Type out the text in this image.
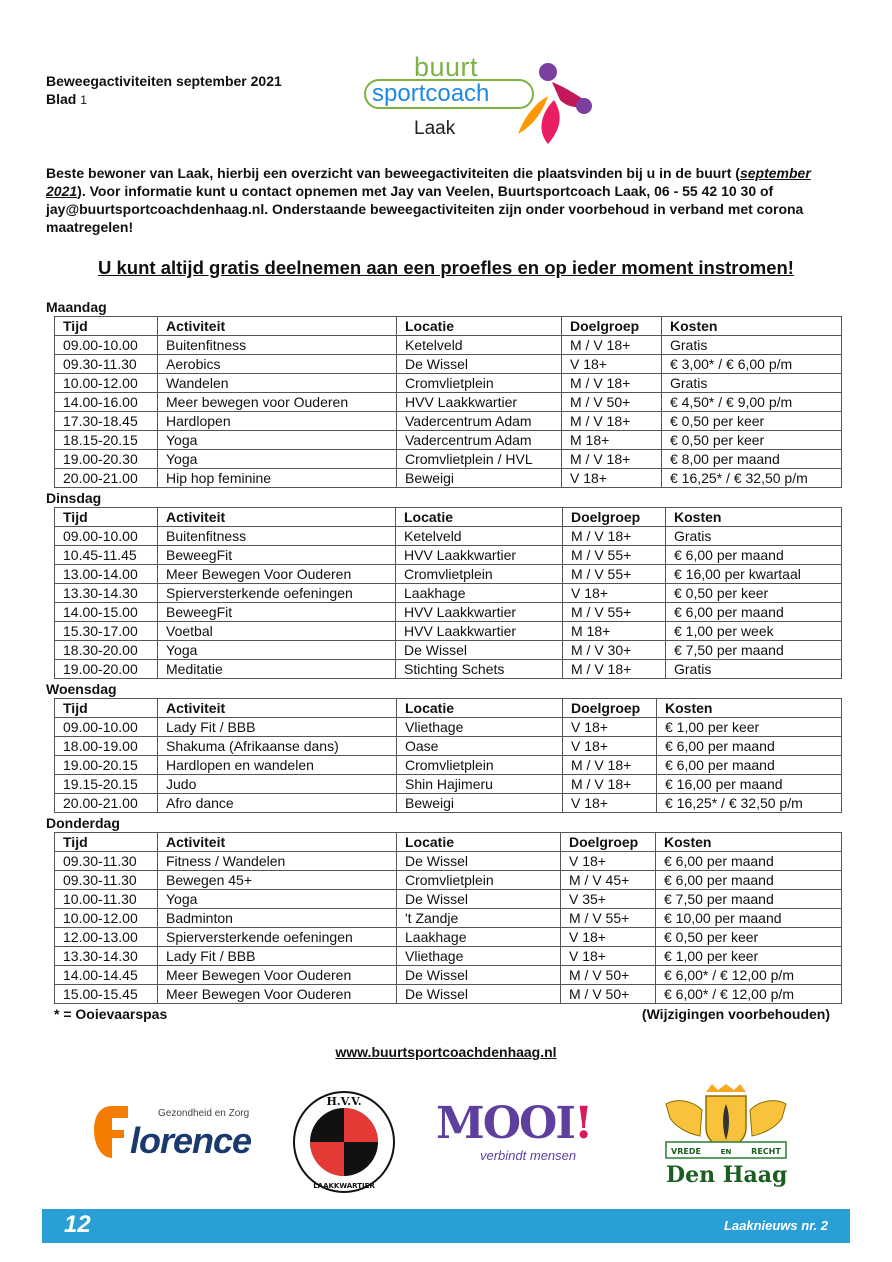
Beweegactiviteiten september 2021
Blad 1
buurt
sportcoach
Laak
Beste bewoner van Laak, hierbij een overzicht van beweegactiviteiten die plaatsvinden bij u in de buurt (september 2021). Voor informatie kunt u contact opnemen met Jay van Veelen, Buurtsportcoach Laak, 06 - 55 42 10 30 of jay@buurtsportcoachdenhaag.nl. Onderstaande beweegactiviteiten zijn onder voorbehoud in verband met corona maatregelen!
U kunt altijd gratis deelnemen aan een proefles en op ieder moment instromen!
Maandag
Tijd	Activiteit	Locatie	Doelgroep	Kosten
09.00-10.00	Buitenfitness	Ketelveld	M / V 18+	Gratis
09.30-11.30	Aerobics	De Wissel	V 18+	€ 3,00* / € 6,00 p/m
10.00-12.00	Wandelen	Cromvlietplein	M / V 18+	Gratis
14.00-16.00	Meer bewegen voor Ouderen	HVV Laakkwartier	M / V 50+	€ 4,50* / € 9,00 p/m
17.30-18.45	Hardlopen	Vadercentrum Adam	M / V 18+	€ 0,50 per keer
18.15-20.15	Yoga	Vadercentrum Adam	M 18+	€ 0,50 per keer
19.00-20.30	Yoga	Cromvlietplein / HVL	M / V 18+	€ 8,00 per maand
20.00-21.00	Hip hop feminine	Beweigi	V 18+	€ 16,25* / € 32,50 p/m
Dinsdag
Tijd	Activiteit	Locatie	Doelgroep	Kosten
09.00-10.00	Buitenfitness	Ketelveld	M / V 18+	Gratis
10.45-11.45	BeweegFit	HVV Laakkwartier	M / V 55+	€ 6,00 per maand
13.00-14.00	Meer Bewegen Voor Ouderen	Cromvlietplein	M / V 55+	€ 16,00 per kwartaal
13.30-14.30	Spierversterkende oefeningen	Laakhage	V 18+	€ 0,50 per keer
14.00-15.00	BeweegFit	HVV Laakkwartier	M / V 55+	€ 6,00 per maand
15.30-17.00	Voetbal	HVV Laakkwartier	M 18+	€ 1,00 per week
18.30-20.00	Yoga	De Wissel	M / V 30+	€ 7,50 per maand
19.00-20.00	Meditatie	Stichting Schets	M / V 18+	Gratis
Woensdag
Tijd	Activiteit	Locatie	Doelgroep	Kosten
09.00-10.00	Lady Fit / BBB	Vliethage	V 18+	€ 1,00 per keer
18.00-19.00	Shakuma (Afrikaanse dans)	Oase	V 18+	€ 6,00 per maand
19.00-20.15	Hardlopen en wandelen	Cromvlietplein	M / V 18+	€ 6,00 per maand
19.15-20.15	Judo	Shin Hajimeru	M / V 18+	€ 16,00 per maand
20.00-21.00	Afro dance	Beweigi	V 18+	€ 16,25* / € 32,50 p/m
Donderdag
Tijd	Activiteit	Locatie	Doelgroep	Kosten
09.30-11.30	Fitness / Wandelen	De Wissel	V 18+	€ 6,00 per maand
09.30-11.30	Bewegen 45+	Cromvlietplein	M / V 45+	€ 6,00 per maand
10.00-11.30	Yoga	De Wissel	V 35+	€ 7,50 per maand
10.00-12.00	Badminton	't Zandje	M / V 55+	€ 10,00 per maand
12.00-13.00	Spierversterkende oefeningen	Laakhage	V 18+	€ 0,50 per keer
13.30-14.30	Lady Fit / BBB	Vliethage	V 18+	€ 1,00 per keer
14.00-14.45	Meer Bewegen Voor Ouderen	De Wissel	M / V 50+	€ 6,00* / € 12,00 p/m
15.00-15.45	Meer Bewegen Voor Ouderen	De Wissel	M / V 50+	€ 6,00* / € 12,00 p/m
* = Ooievaarspas	(Wijzigingen voorbehouden)
www.buurtsportcoachdenhaag.nl
Gezondheid en Zorg
lorence
H.V.V.
LAAKKWARTIER
MOOI!
verbindt mensen	VREDE	EN RECHT
Den Haag
12	Laaknieuws nr. 2
